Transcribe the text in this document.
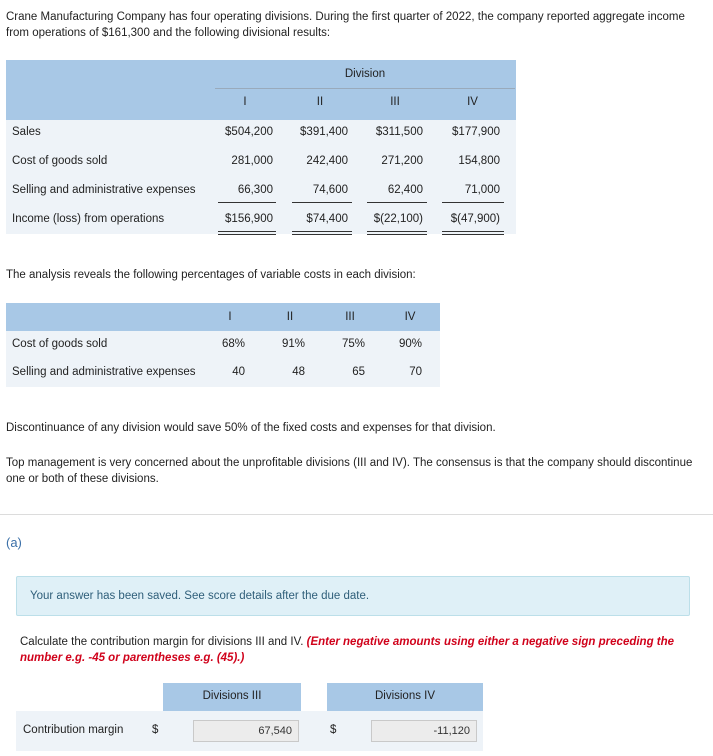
Crane Manufacturing Company has four operating divisions. During the first quarter of 2022, the company reported aggregate income from operations of $161,300 and the following divisional results:

Division
I	II	III	IV
Sales	$504,200	$391,400	$311,500	$177,900
Cost of goods sold	281,000	242,400	271,200	154,800
Selling and administrative expenses	66,300	74,600	62,400	71,000
Income (loss) from operations	$156,900	$74,400	$(22,100)	$(47,900)

The analysis reveals the following percentages of variable costs in each division:

I	II	III	IV
Cost of goods sold	68%	91%	75%	90%
Selling and administrative expenses	40	48	65	70

Discontinuance of any division would save 50% of the fixed costs and expenses for that division.

Top management is very concerned about the unprofitable divisions (III and IV). The consensus is that the company should discontinue one or both of these divisions.

(a)
Your answer has been saved. See score details after the due date.

Calculate the contribution margin for divisions III and IV. (Enter negative amounts using either a negative sign preceding the number e.g. -45 or parentheses e.g. (45).)

Divisions III	Divisions IV
Contribution margin $	67,540	$	-11,120
